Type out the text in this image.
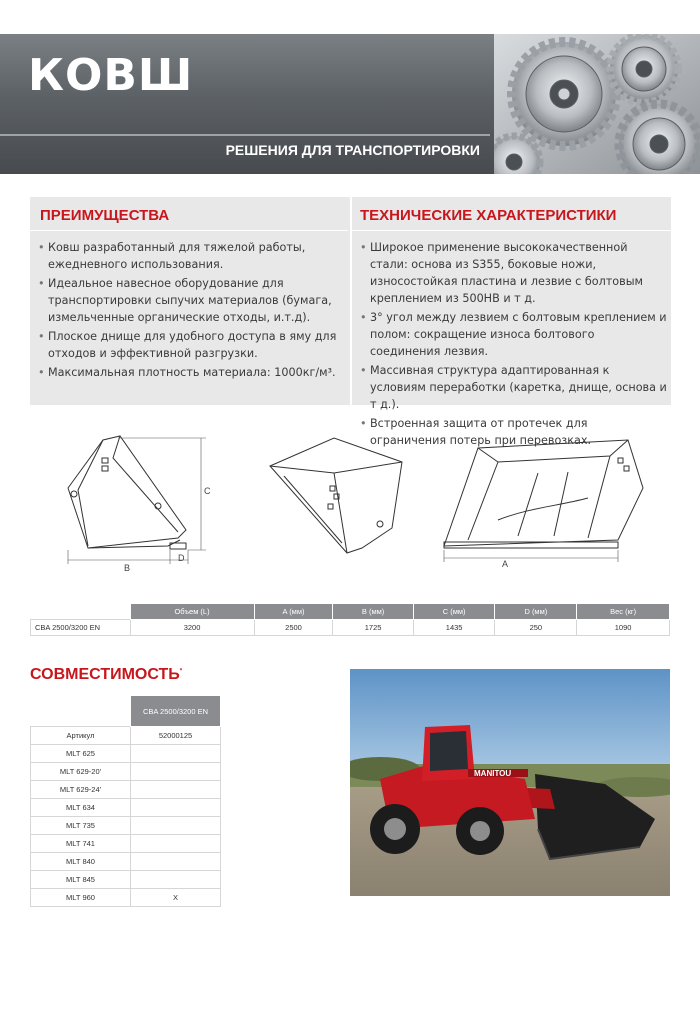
КОВШ
РЕШЕНИЯ ДЛЯ ТРАНСПОРТИРОВКИ
ПРЕИМУЩЕСТВА
• Ковш разработанный для тяжелой работы, ежедневного использования.
• Идеальное навесное оборудование для транспортировки сыпучих материалов (бумага, измельченные органические отходы, и.т.д).
• Плоское днище для удобного доступа в яму для отходов и эффективной разгрузки.
• Максимальная плотность материала: 1000кг/м³.
ТЕХНИЧЕСКИЕ ХАРАКТЕРИСТИКИ
• Широкое применение высококачественной стали: основа из S355, боковые ножи, износостойкая пластина и лезвие с болтовым креплением из 500HB и т д.
• 3° угол между лезвием с болтовым креплением и полом: сокращение износа болтового соединения лезвия.
• Массивная структура адаптированная к условиям переработки (каретка, днище, основа и т д.).
• Встроенная защита от протечек для ограничения потерь при перевозках.
C
B
D
A
	Объем (L)	A (мм)	B (мм)	C (мм)	D (мм)	Вес (кг)
CBA 2500/3200 EN	3200	2500	1725	1435	250	1090
СОВМЕСТИМОСТЬ*
	CBA 2500/3200 EN
Артикул	52000125
MLT 625	
MLT 629-20'	
MLT 629-24'	
MLT 634	
MLT 735	
MLT 741	
MLT 840	
MLT 845	
MLT 960	X
MANITOU
